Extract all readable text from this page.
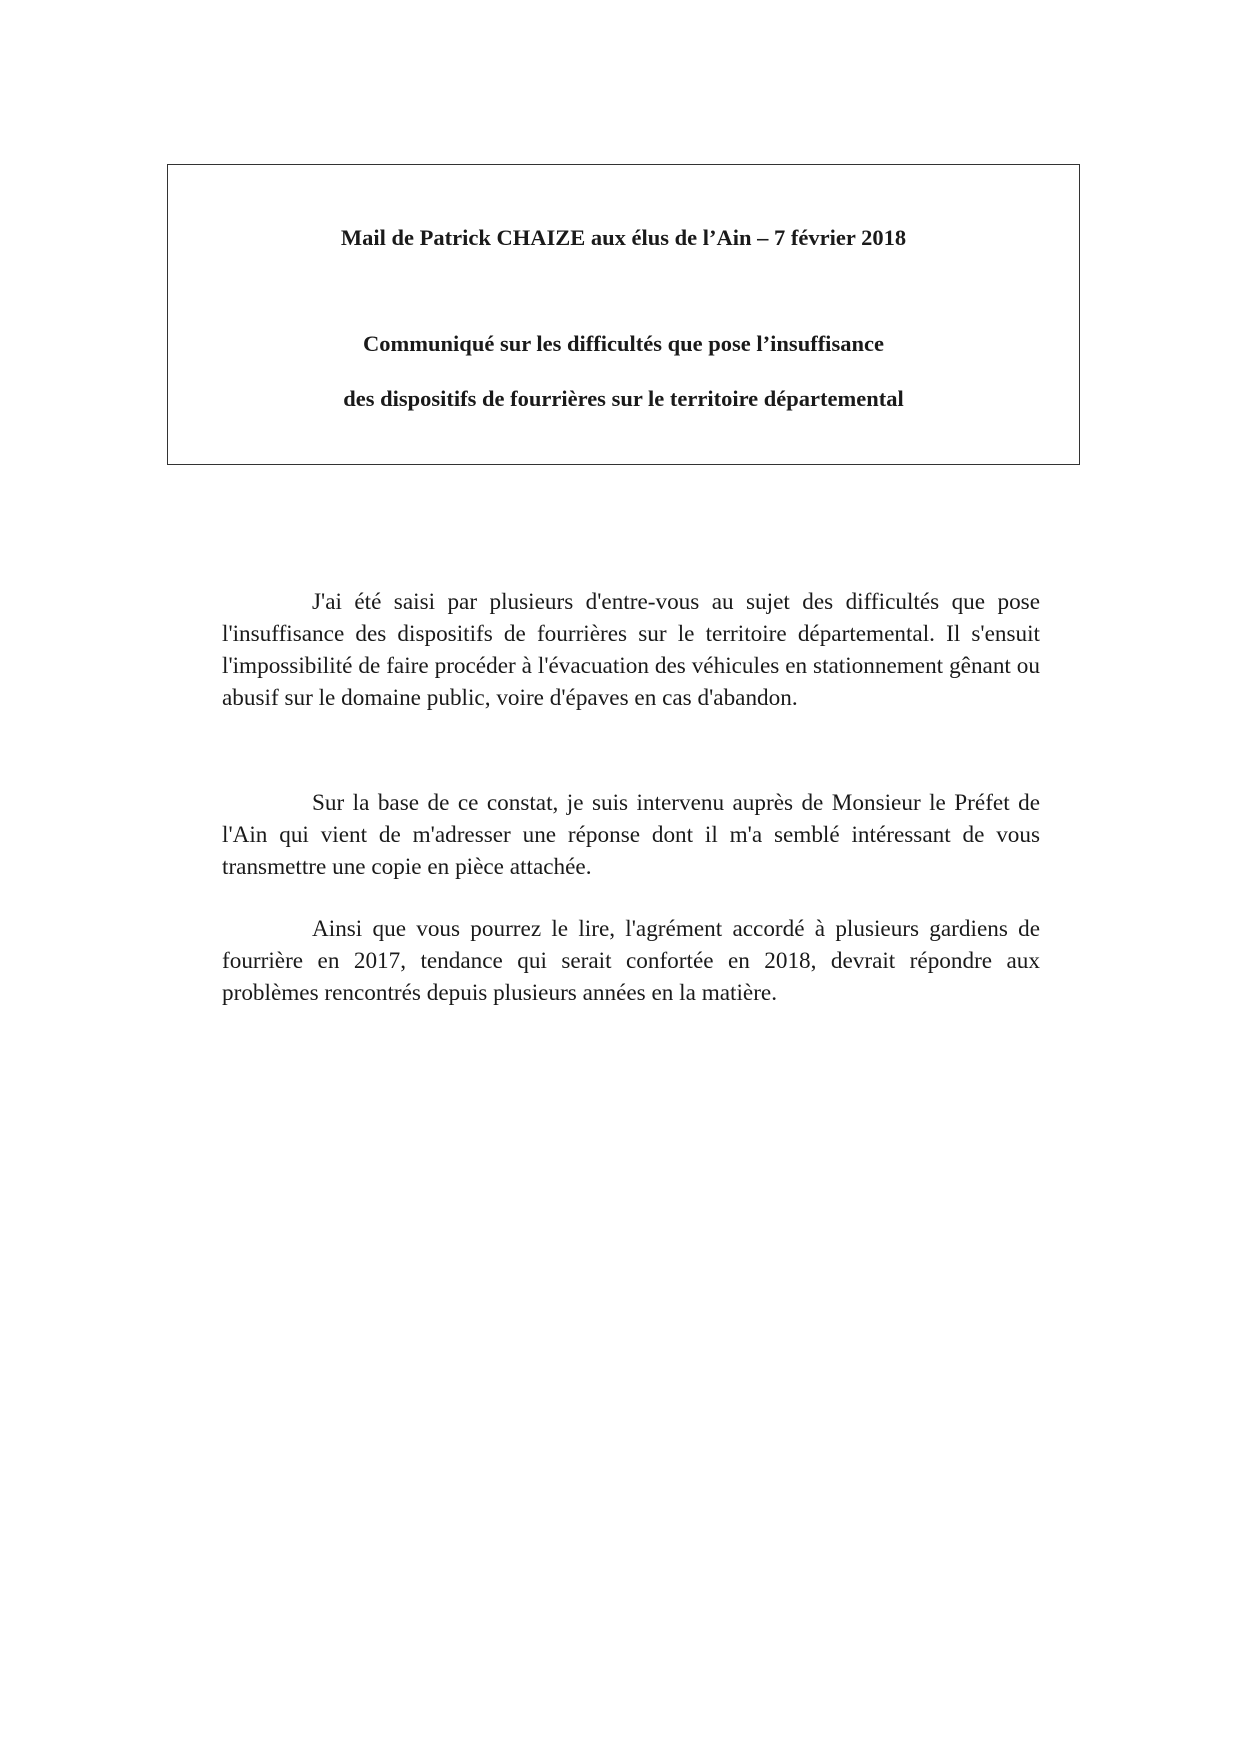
Mail de Patrick CHAIZE aux élus de l’Ain – 7 février 2018
Communiqué sur les difficultés que pose l’insuffisance
des dispositifs de fourrières sur le territoire départemental

J'ai été saisi par plusieurs d'entre-vous au sujet des difficultés que pose l'insuffisance des dispositifs de fourrières sur le territoire départemental. Il s'ensuit l'impossibilité de faire procéder à l'évacuation des véhicules en stationnement gênant ou abusif sur le domaine public, voire d'épaves en cas d'abandon.

Sur la base de ce constat, je suis intervenu auprès de Monsieur le Préfet de l'Ain qui vient de m'adresser une réponse dont il m'a semblé intéressant de vous transmettre une copie en pièce attachée.

Ainsi que vous pourrez le lire, l'agrément accordé à plusieurs gardiens de fourrière en 2017, tendance qui serait confortée en 2018, devrait répondre aux problèmes rencontrés depuis plusieurs années en la matière.
